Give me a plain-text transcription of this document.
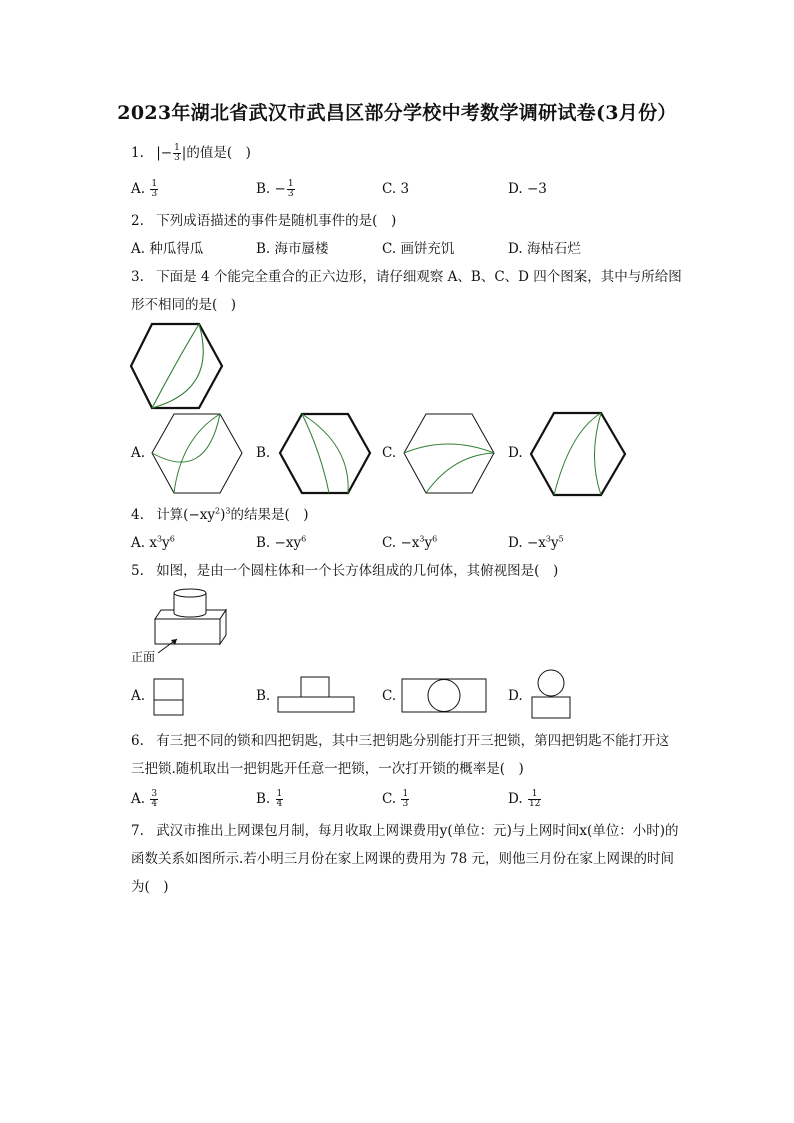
2023年湖北省武汉市武昌区部分学校中考数学调研试卷(3月份）
1. |− $\frac{1}{3}$ |的值是(　)
A. $\frac{1}{3}$	B. − $\frac{1}{3}$	C. 3	D. −3
2. 下列成语描述的事件是随机事件的是(　)
A. 种瓜得瓜	B. 海市蜃楼	C. 画饼充饥	D. 海枯石烂
3. 下面是 4 个能完全重合的正六边形，请仔细观察 A、B、C、D 四个图案，其中与所给图
形不相同的是(　)
A.	B.	C.	D.
4. 计算$(-xy^2)^3$的结果是(　)
A. $x^3y^6$	B. $-xy^6$	C. $-x^3y^6$	D. $-x^3y^5$
5. 如图，是由一个圆柱体和一个长方体组成的几何体，其俯视图是(　)
正面
A.	B.	C.	D.
6. 有三把不同的锁和四把钥匙，其中三把钥匙分别能打开三把锁，第四把钥匙不能打开这
三把锁.随机取出一把钥匙开任意一把锁，一次打开锁的概率是(　)
A. $\frac{3}{4}$	B. $\frac{1}{4}$	C. $\frac{1}{3}$	D. $\frac{1}{12}$
7. 武汉市推出上网课包月制，每月收取上网课费用y(单位：元)与上网时间x(单位：小时)的
函数关系如图所示.若小明三月份在家上网课的费用为 78 元，则他三月份在家上网课的时间
为(　)
